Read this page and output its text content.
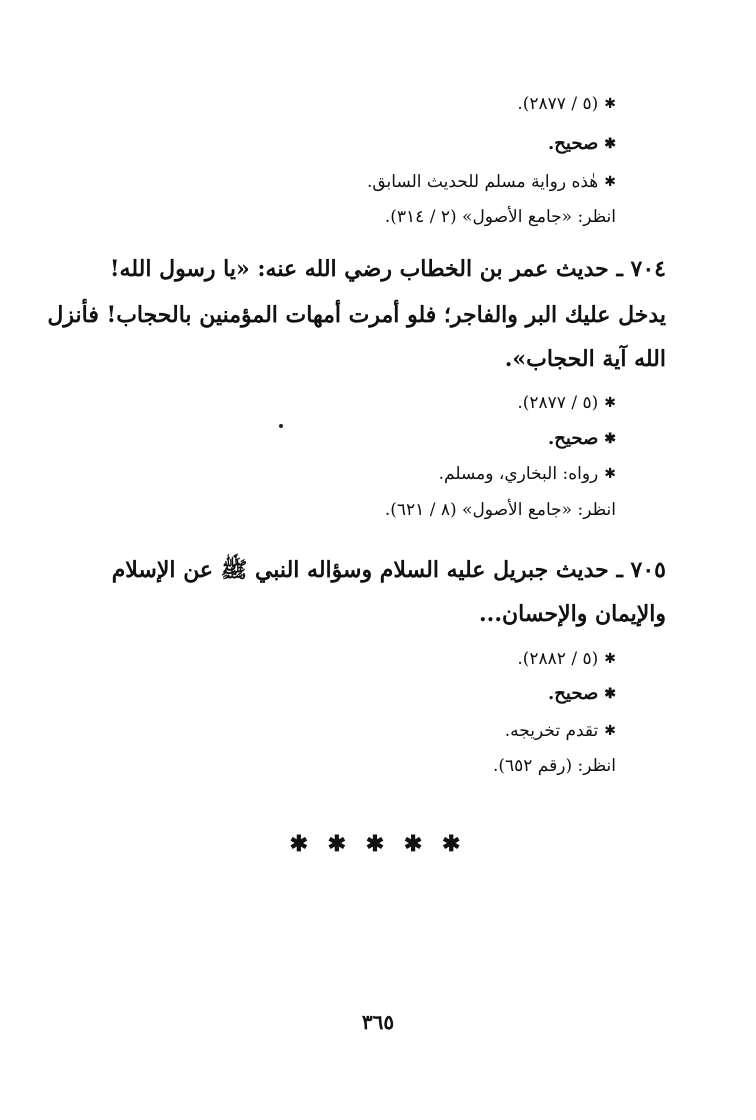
✱(٥ / ٢٨٧٧).
✱صحيح.
✱هٰذه رواية مسلم للحديث السابق.
انظر: «جامع الأصول» (٢ / ٣١٤).
٧٠٤ ـ حديث عمر بن الخطاب رضي الله عنه: «يا رسول الله!
يدخل عليك البر والفاجر؛ فلو أمرت أمهات المؤمنين بالحجاب! فأنزل
الله آية الحجاب».
✱(٥ / ٢٨٧٧).
✱صحيح.
✱رواه: البخاري، ومسلم.
انظر: «جامع الأصول» (٨ / ٦٢١).
٧٠٥ ـ حديث جبريل عليه السلام وسؤاله النبي ﷺ عن الإسلام
والإيمان والإحسان...
✱(٥ / ٢٨٨٢).
✱صحيح.
✱تقدم تخريجه.
انظر: (رقم ٦٥٢).
✱ ✱ ✱ ✱ ✱
٣٦٥
